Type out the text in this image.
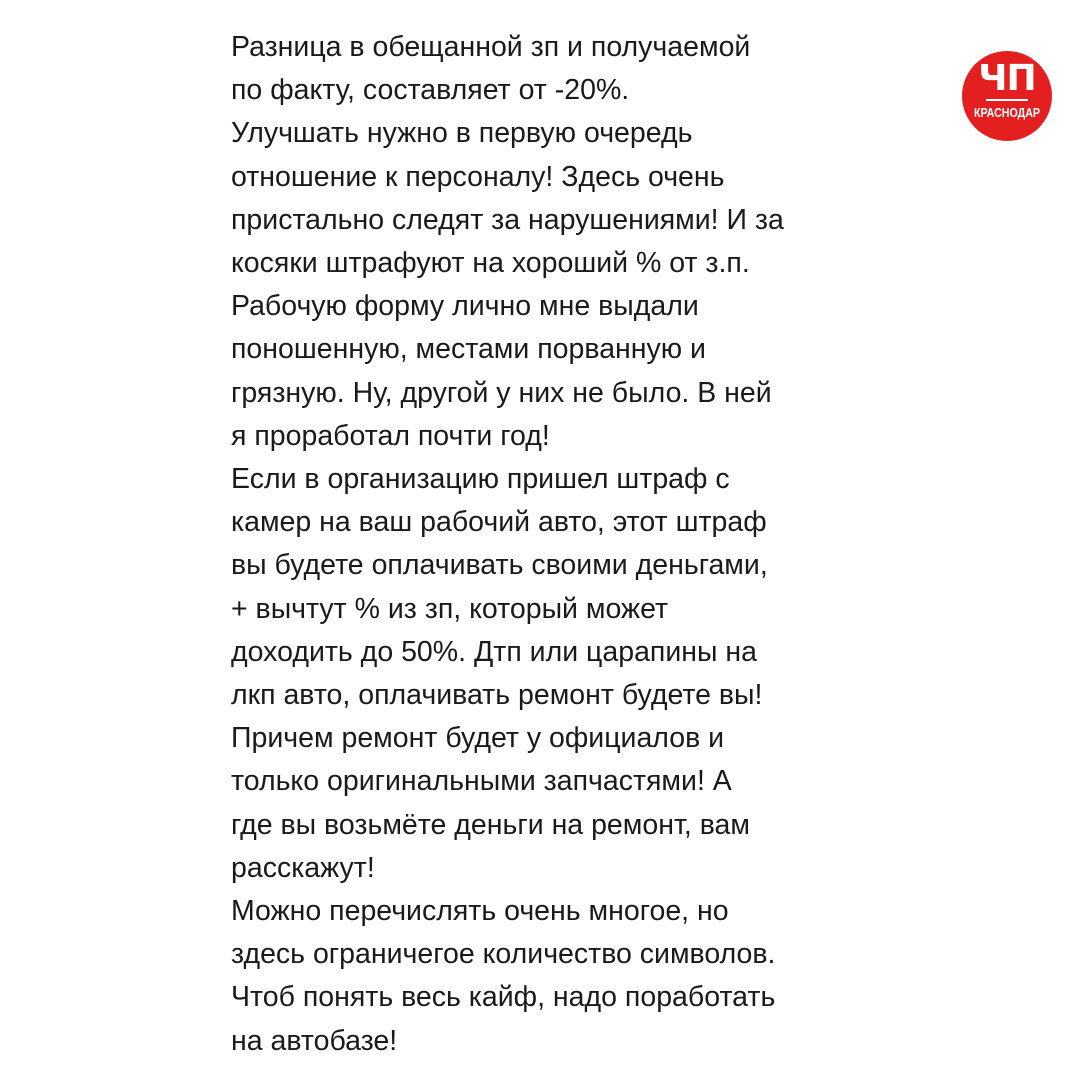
Разница в обещанной зп и получаемой
по факту, составляет от -20%.
Улучшать нужно в первую очередь
отношение к персоналу! Здесь очень
пристально следят за нарушениями! И за
косяки штрафуют на хороший % от з.п.
Рабочую форму лично мне выдали
поношенную, местами порванную и
грязную. Ну, другой у них не было. В ней
я проработал почти год!
Если в организацию пришел штраф с
камер на ваш рабочий авто, этот штраф
вы будете оплачивать своими деньгами,
+ вычтут % из зп, который может
доходить до 50%. Дтп или царапины на
лкп авто, оплачивать ремонт будете вы!
Причем ремонт будет у официалов и
только оригинальными запчастями! А
где вы возьмёте деньги на ремонт, вам
расскажут!
Можно перечислять очень многое, но
здесь ограничегое количество символов.
Чтоб понять весь кайф, надо поработать
на автобазе!
ЧП
КРАСНОДАР
